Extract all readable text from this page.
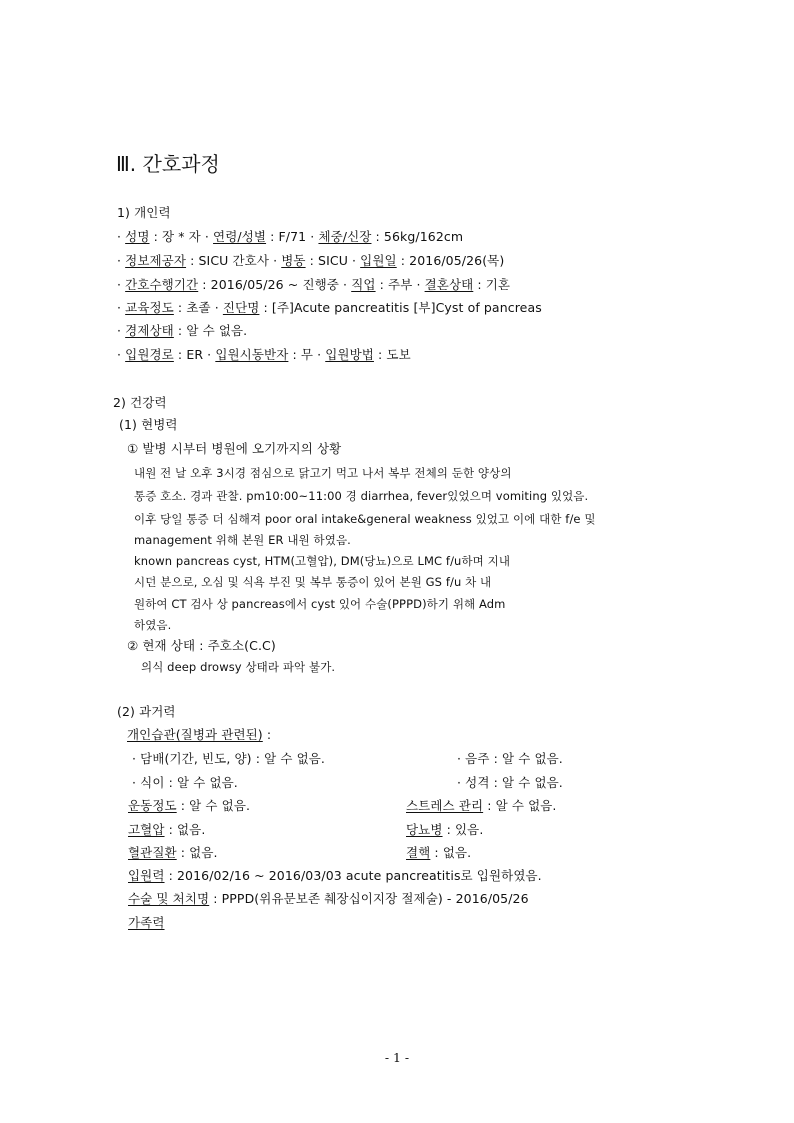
Ⅲ. 간호과정
1) 개인력
· 성명 : 장 * 자 · 연령/성별 : F/71 · 체중/신장 : 56kg/162cm
· 정보제공자 : SICU 간호사 · 병동 : SICU · 입원일 : 2016/05/26(목)
· 간호수행기간 : 2016/05/26 ~ 진행중 · 직업 : 주부 · 결혼상태 : 기혼
· 교육정도 : 초졸 · 진단명 : [주]Acute pancreatitis [부]Cyst of pancreas
· 경제상태 : 알 수 없음.
· 입원경로 : ER · 입원시동반자 : 무 · 입원방법 : 도보
2) 건강력
(1) 현병력
① 발병 시부터 병원에 오기까지의 상황
내원 전 날 오후 3시경 점심으로 닭고기 먹고 나서 복부 전체의 둔한 양상의
통증 호소. 경과 관찰. pm10:00~11:00 경 diarrhea, fever있었으며 vomiting 있었음.
이후 당일 통증 더 심해져 poor oral intake&general weakness 있었고 이에 대한 f/e 및
management 위해 본원 ER 내원 하였음.
known pancreas cyst, HTM(고혈압), DM(당뇨)으로 LMC f/u하며 지내
시던 분으로, 오심 및 식욕 부진 및 복부 통증이 있어 본원 GS f/u 차 내
원하여 CT 검사 상 pancreas에서 cyst 있어 수술(PPPD)하기 위해 Adm
하였음.
② 현재 상태 : 주호소(C.C)
의식 deep drowsy 상태라 파악 불가.
(2) 과거력
개인습관(질병과 관련된) :
· 담배(기간, 빈도, 양) : 알 수 없음.	· 음주 : 알 수 없음.
· 식이 : 알 수 없음.	· 성격 : 알 수 없음.
운동정도 : 알 수 없음.	스트레스 관리 : 알 수 없음.
고혈압 : 없음.	당뇨병 : 있음.
혈관질환 : 없음.	결핵 : 없음.
입원력 : 2016/02/16 ~ 2016/03/03 acute pancreatitis로 입원하였음.
수술 및 처치명 : PPPD(위유문보존 췌장십이지장 절제술) - 2016/05/26
가족력
- 1 -
